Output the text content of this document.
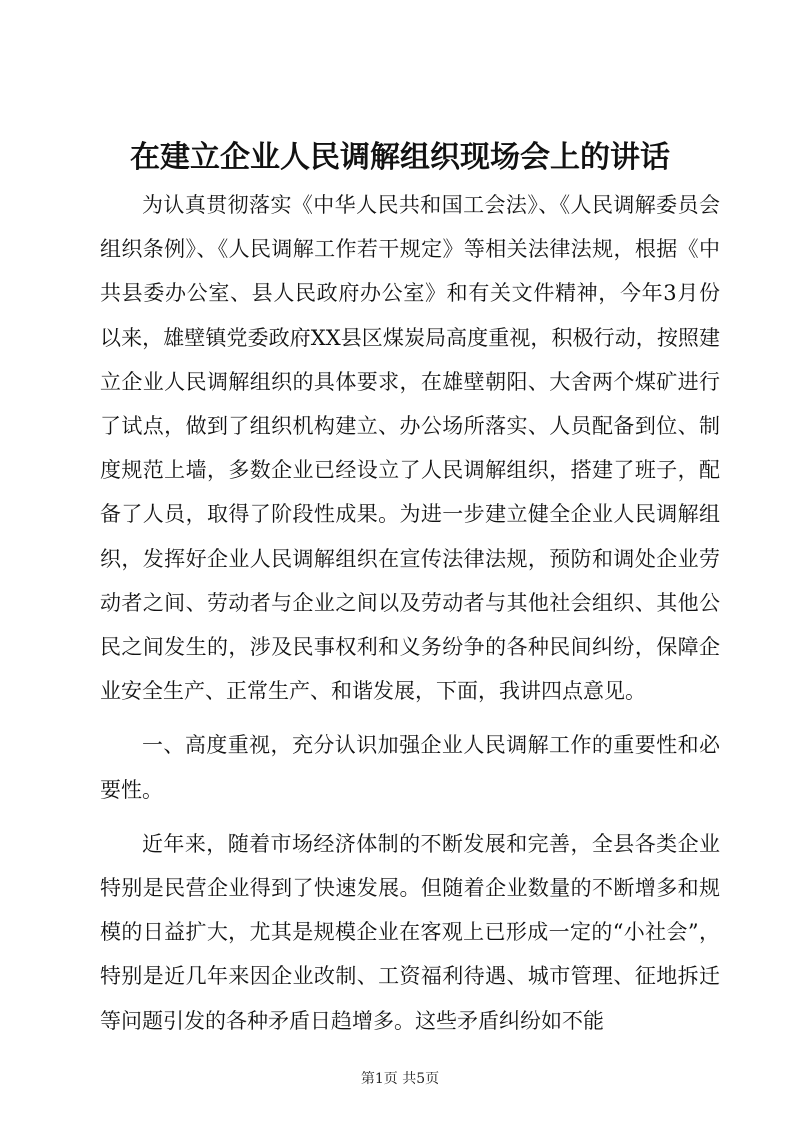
在建立企业人民调解组织现场会上的讲话

为认真贯彻落实《中华人民共和国工会法》、《人民调解委员会组织条例》、《人民调解工作若干规定》等相关法律法规，根据《中共县委办公室、县人民政府办公室》和有关文件精神，今年3月份以来，雄壁镇党委政府XX县区煤炭局高度重视，积极行动，按照建立企业人民调解组织的具体要求，在雄壁朝阳、大舍两个煤矿进行了试点，做到了组织机构建立、办公场所落实、人员配备到位、制度规范上墙，多数企业已经设立了人民调解组织，搭建了班子，配备了人员，取得了阶段性成果。为进一步建立健全企业人民调解组织，发挥好企业人民调解组织在宣传法律法规，预防和调处企业劳动者之间、劳动者与企业之间以及劳动者与其他社会组织、其他公民之间发生的，涉及民事权利和义务纷争的各种民间纠纷，保障企业安全生产、正常生产、和谐发展，下面，我讲四点意见。

一、高度重视，充分认识加强企业人民调解工作的重要性和必要性。

近年来，随着市场经济体制的不断发展和完善，全县各类企业特别是民营企业得到了快速发展。但随着企业数量的不断增多和规模的日益扩大，尤其是规模企业在客观上已形成一定的“小社会”，特别是近几年来因企业改制、工资福利待遇、城市管理、征地拆迁等问题引发的各种矛盾日趋增多。这些矛盾纠纷如不能

第1页 共5页
